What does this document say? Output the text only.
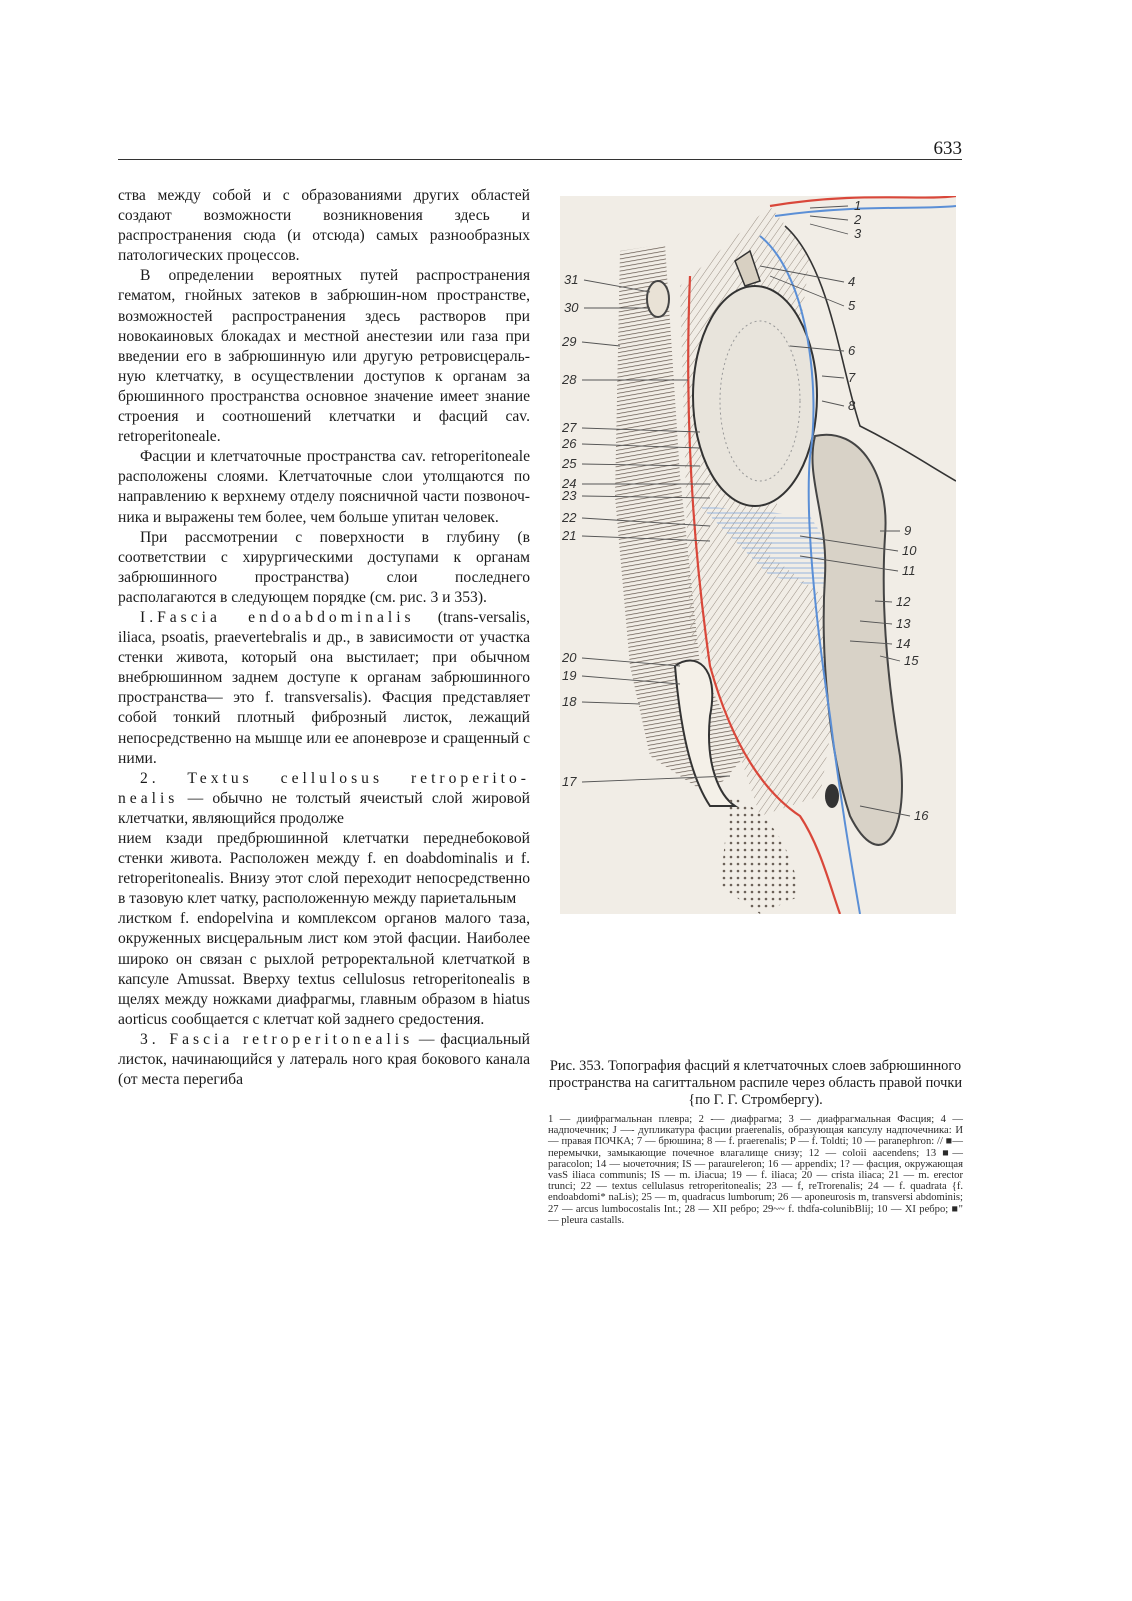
633

ства между собой и с образованиями других областей создают возможности возникновения здесь и распространения сюда (и отсюда) самых разнообразных патологических процессов.

В определении вероятных путей распространения гематом, гнойных затеков в забрюшин-ном пространстве, возможностей распространения здесь растворов при новокаиновых блокадах и местной анестезии или газа при введении его в забрюшинную или другую ретровисцераль-ную клетчатку, в осуществлении доступов к органам за брюшинного пространства основное значение имеет знание строения и соотношений клетчатки и фасций cav. retroperitoneale.

Фасции и клетчаточные пространства cav. retroperitoneale расположены слоями. Клетчаточные слои утолщаются по направлению к верхнему отделу поясничной части позвоночника и выражены тем более, чем больше упитан человек.

При рассмотрении с поверхности в глубину (в соответствии с хирургическими доступами к органам забрюшинного пространства) слои последнего располагаются в следующем порядке (см. рис. 3 и 353).

I.Fascia endoabdominalis (trans-versalis, iliaca, psoatis, praevertebralis и др., в зависимости от участка стенки живота, который она выстилает; при обычном внебрюшинном заднем доступе к органам забрюшинного пространства— это f. transversalis). Фасция представляет собой тонкий плотный фиброзный листок, лежащий непосредственно на мышце или ее апоневрозе и сращенный с ними.

2. Textus cellulosus retroperito-nealis — обычно не толстый ячеистый слой жировой клетчатки, являющийся продолже

нием кзади предбрюшинной клетчатки переднебоковой стенки живота. Расположен между f. en doabdominalis и f. retroperitonealis. Внизу этот слой переходит непосредственно в тазовую клет чатку, расположенную между париетальным

листком f. endopelvina и комплексом органов малого таза, окруженных висцеральным лист ком этой фасции. Наиболее широко он связан с рыхлой ретроректальной клетчаткой в капсуле Amussat. Вверху textus cellulosus retroperitonealis в щелях между ножками диафрагмы, главным образом в hiatus aorticus сообщается с клетчат кой заднего средостения.

3. Fascia retroperitonealis — фасциальный листок, начинающийся у латераль ного края бокового канала (от места перегиба

1
2
3
4
5
6
7
8
9
10
11
12
13
14
15
16
31
30
29
28
27
26
25
24
23
22
21
20
19
18
17
Рис. 353. Топография фасций я клетчаточных слоев забрюшинного пространства на сагиттальном распиле через область правой почки {по Г. Г. Стромбергу).
1 — диифрагмальнан плевра; 2 -— диафрагма; 3 — диафрагмальная Фасция; 4 — надпочечник; J —- дупликатура фасции praerenalis, образующая капсулу надпочечника: И — правая ПОЧКА; 7 — брюшина; 8 — f. praerenalis; P — f. Toldti; 10 — paranephron: // ■— перемычки, замыкающие почечное влагалище снизу; 12 — coloii aacendens; 13 ■— paracolon; 14 — ыочеточния; IS — paraureleron; 16 — appendix; 1? — фасция, окружающая vasS iliaca communis; IS — m. iJiacua; 19 — f. iliaca; 20 — crista iliaca; 21 — m. erector trunci; 22 — textus cellulasus retroperitonealis; 23 — f, reTrorenalis; 24 — f. quadrata {f. endoabdomi* naLis); 25 — m, quadracus lumborum; 26 — aponeurosis m, transversi abdominis; 27 — arcus lumbocostalis Int.; 28 — XII ребро; 29~~ f. thdfa-colunibBlij; 10 — XI ребро; ■" — pleura castalls.
